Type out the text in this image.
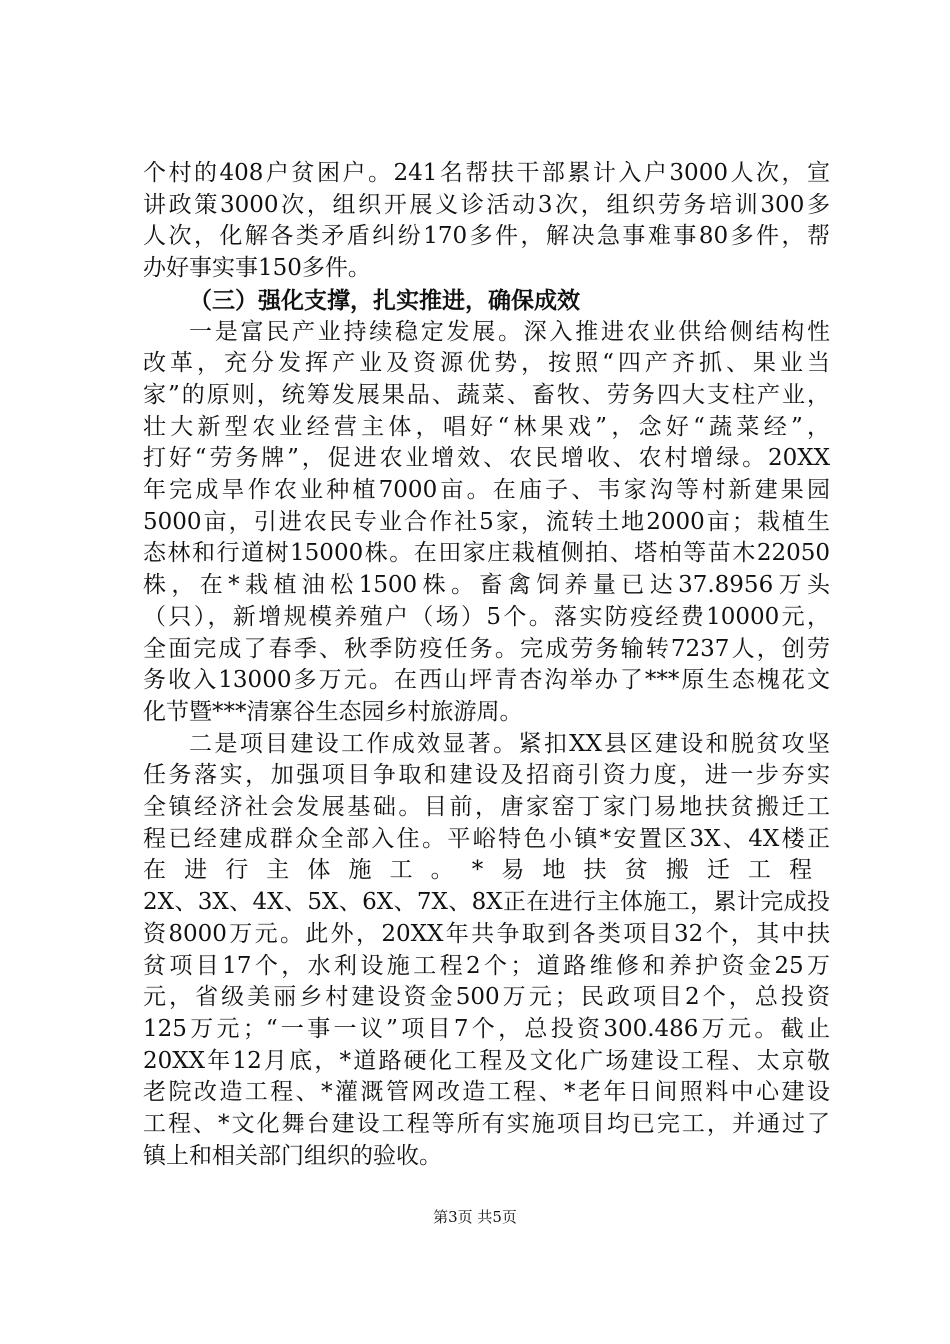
个村的408户贫困户。241名帮扶干部累计入户3000人次，宣
讲政策3000次，组织开展义诊活动3次，组织劳务培训300多
人次，化解各类矛盾纠纷170多件，解决急事难事80多件，帮
办好事实事150多件。
（三）强化支撑，扎实推进，确保成效
一是富民产业持续稳定发展。深入推进农业供给侧结构性
改革，充分发挥产业及资源优势，按照“四产齐抓、果业当
家”的原则，统筹发展果品、蔬菜、畜牧、劳务四大支柱产业，
壮大新型农业经营主体，唱好“林果戏”，念好“蔬菜经”，
打好“劳务牌”，促进农业增效、农民增收、农村增绿。20XX
年完成旱作农业种植7000亩。在庙子、韦家沟等村新建果园
5000亩，引进农民专业合作社5家，流转土地2000亩；栽植生
态林和行道树15000株。在田家庄栽植侧拍、塔柏等苗木22050
株，在*栽植油松1500株。畜禽饲养量已达37.8956万头
（只），新增规模养殖户（场）5个。落实防疫经费10000元，
全面完成了春季、秋季防疫任务。完成劳务输转7237人，创劳
务收入13000多万元。在西山坪青杏沟举办了***原生态槐花文
化节暨***清寨谷生态园乡村旅游周。
二是项目建设工作成效显著。紧扣XX县区建设和脱贫攻坚
任务落实，加强项目争取和建设及招商引资力度，进一步夯实
全镇经济社会发展基础。目前，唐家窑丁家门易地扶贫搬迁工
程已经建成群众全部入住。平峪特色小镇*安置区3X、4X楼正
在进行主体施工。*易地扶贫搬迁工程
2X、3X、4X、5X、6X、7X、8X正在进行主体施工，累计完成投
资8000万元。此外，20XX年共争取到各类项目32个，其中扶
贫项目17个，水利设施工程2个；道路维修和养护资金25万
元，省级美丽乡村建设资金500万元；民政项目2个，总投资
125万元；“一事一议”项目7个，总投资300.486万元。截止
20XX年12月底，*道路硬化工程及文化广场建设工程、太京敬
老院改造工程、*灌溉管网改造工程、*老年日间照料中心建设
工程、*文化舞台建设工程等所有实施项目均已完工，并通过了
镇上和相关部门组织的验收。
第3页 共5页
